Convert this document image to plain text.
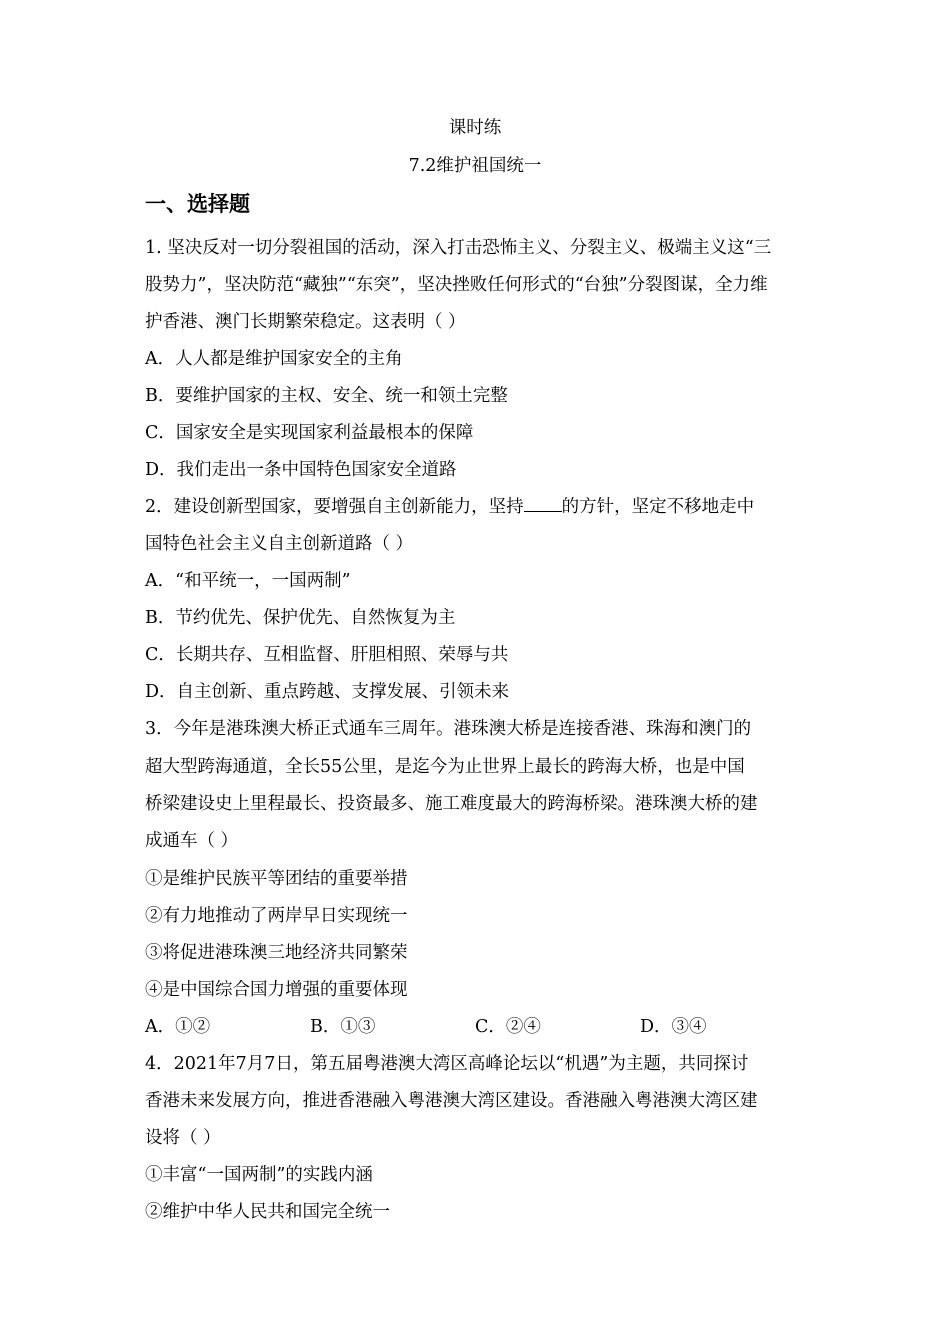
课时练
7.2维护祖国统一
一、选择题
1. 坚决反对一切分裂祖国的活动，深入打击恐怖主义、分裂主义、极端主义这“三
股势力”，坚决防范“藏独”“东突”，坚决挫败任何形式的“台独”分裂图谋，全力维
护香港、澳门长期繁荣稳定。这表明（ ）
A．人人都是维护国家安全的主角
B．要维护国家的主权、安全、统一和领土完整
C．国家安全是实现国家利益最根本的保障
D．我们走出一条中国特色国家安全道路
2．建设创新型国家，要增强自主创新能力，坚持 的方针，坚定不移地走中
国特色社会主义自主创新道路（ ）
A．“和平统一，一国两制”
B．节约优先、保护优先、自然恢复为主
C．长期共存、互相监督、肝胆相照、荣辱与共
D．自主创新、重点跨越、支撑发展、引领未来
3．今年是港珠澳大桥正式通车三周年。港珠澳大桥是连接香港、珠海和澳门的
超大型跨海通道，全长55公里，是迄今为止世界上最长的跨海大桥，也是中国
桥梁建设史上里程最长、投资最多、施工难度最大的跨海桥梁。港珠澳大桥的建
成通车（ ）
①是维护民族平等团结的重要举措
②有力地推动了两岸早日实现统一
③将促进港珠澳三地经济共同繁荣
④是中国综合国力增强的重要体现
A．①②	B．①③	C．②④	D．③④
4．2021年7月7日，第五届粤港澳大湾区高峰论坛以“机遇”为主题，共同探讨
香港未来发展方向，推进香港融入粤港澳大湾区建设。香港融入粤港澳大湾区建
设将（ ）
①丰富“一国两制”的实践内涵
②维护中华人民共和国完全统一
